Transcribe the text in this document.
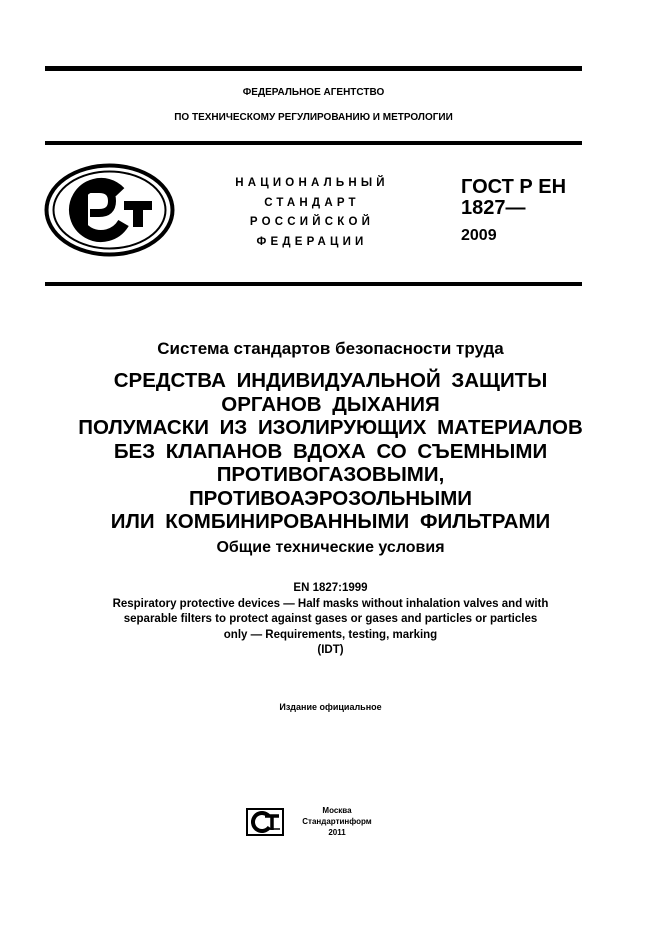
ФЕДЕРАЛЬНОЕ АГЕНТСТВО
ПО ТЕХНИЧЕСКОМУ РЕГУЛИРОВАНИЮ И МЕТРОЛОГИИ
НАЦИОНАЛЬНЫЙ
СТАНДАРТ
РОССИЙСКОЙ
ФЕДЕРАЦИИ
ГОСТ Р ЕН
1827—
2009
Система стандартов безопасности труда
СРЕДСТВА ИНДИВИДУАЛЬНОЙ ЗАЩИТЫ
ОРГАНОВ ДЫХАНИЯ
ПОЛУМАСКИ ИЗ ИЗОЛИРУЮЩИХ МАТЕРИАЛОВ
БЕЗ КЛАПАНОВ ВДОХА СО СЪЕМНЫМИ
ПРОТИВОГАЗОВЫМИ,
ПРОТИВОАЭРОЗОЛЬНЫМИ
ИЛИ КОМБИНИРОВАННЫМИ ФИЛЬТРАМИ
Общие технические условия
EN 1827:1999
Respiratory protective devices — Half masks without inhalation valves and with
separable filters to protect against gases or gases and particles or particles
only — Requirements, testing, marking
(IDT)
Издание официальное
Москва
Стандартинформ
2011
